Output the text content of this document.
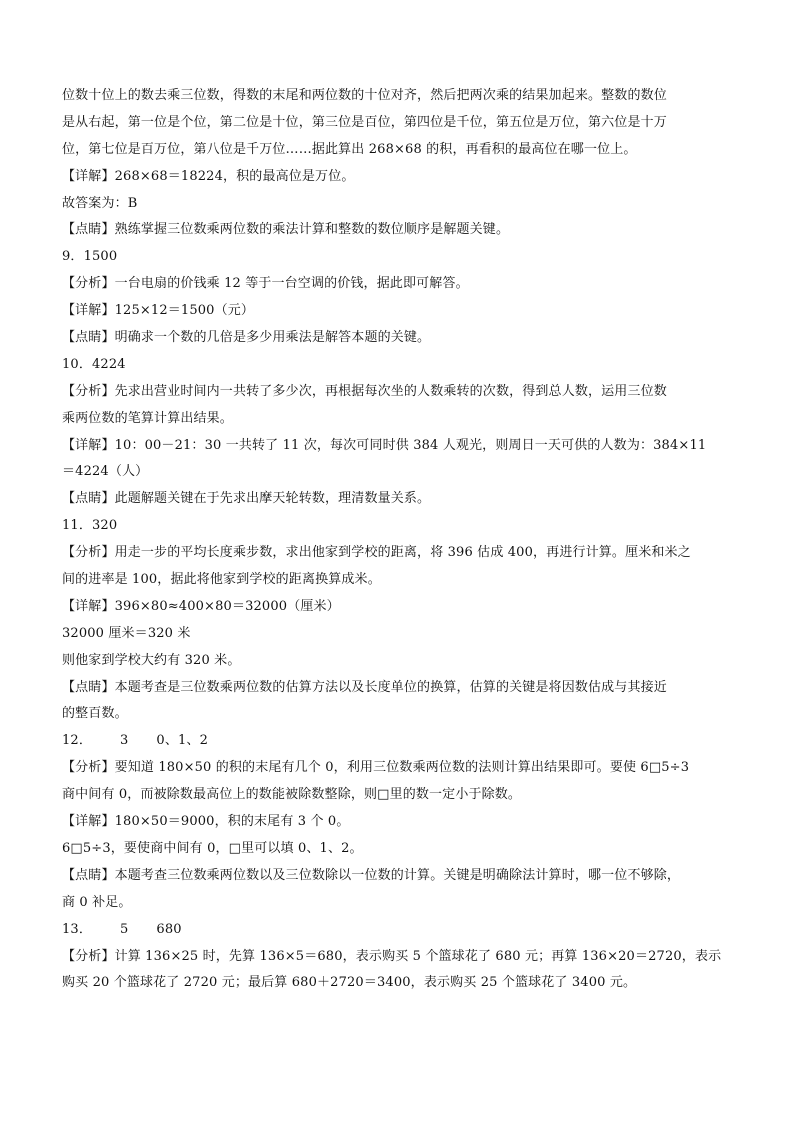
位数十位上的数去乘三位数，得数的末尾和两位数的十位对齐，然后把两次乘的结果加起来。整数的数位
是从右起，第一位是个位，第二位是十位，第三位是百位，第四位是千位，第五位是万位，第六位是十万
位，第七位是百万位，第八位是千万位……据此算出 268×68 的积，再看积的最高位在哪一位上。
【详解】268×68＝18224，积的最高位是万位。
故答案为：B
【点睛】熟练掌握三位数乘两位数的乘法计算和整数的数位顺序是解题关键。
9．1500
【分析】一台电扇的价钱乘 12 等于一台空调的价钱，据此即可解答。
【详解】125×12＝1500（元）
【点睛】明确求一个数的几倍是多少用乘法是解答本题的关键。
10．4224
【分析】先求出营业时间内一共转了多少次，再根据每次坐的人数乘转的次数，得到总人数，运用三位数
乘两位数的笔算计算出结果。
【详解】10：00－21：30 一共转了 11 次，每次可同时供 384 人观光，则周日一天可供的人数为：384×11
＝4224（人）
【点睛】此题解题关键在于先求出摩天轮转数，理清数量关系。
11．320
【分析】用走一步的平均长度乘步数，求出他家到学校的距离，将 396 估成 400，再进行计算。厘米和米之
间的进率是 100，据此将他家到学校的距离换算成米。
【详解】396×80≈400×80＝32000（厘米）
32000 厘米＝320 米
则他家到学校大约有 320 米。
【点睛】本题考查是三位数乘两位数的估算方法以及长度单位的换算，估算的关键是将因数估成与其接近
的整百数。
12． 3 0、1、2
【分析】要知道 180×50 的积的末尾有几个 0，利用三位数乘两位数的法则计算出结果即可。要使 6□5÷3
商中间有 0，而被除数最高位上的数能被除数整除，则□里的数一定小于除数。
【详解】180×50＝9000，积的末尾有 3 个 0。
6□5÷3，要使商中间有 0，□里可以填 0、1、2。
【点睛】本题考查三位数乘两位数以及三位数除以一位数的计算。关键是明确除法计算时，哪一位不够除，
商 0 补足。
13． 5 680
【分析】计算 136×25 时，先算 136×5＝680，表示购买 5 个篮球花了 680 元；再算 136×20＝2720，表示
购买 20 个篮球花了 2720 元；最后算 680＋2720＝3400，表示购买 25 个篮球花了 3400 元。
